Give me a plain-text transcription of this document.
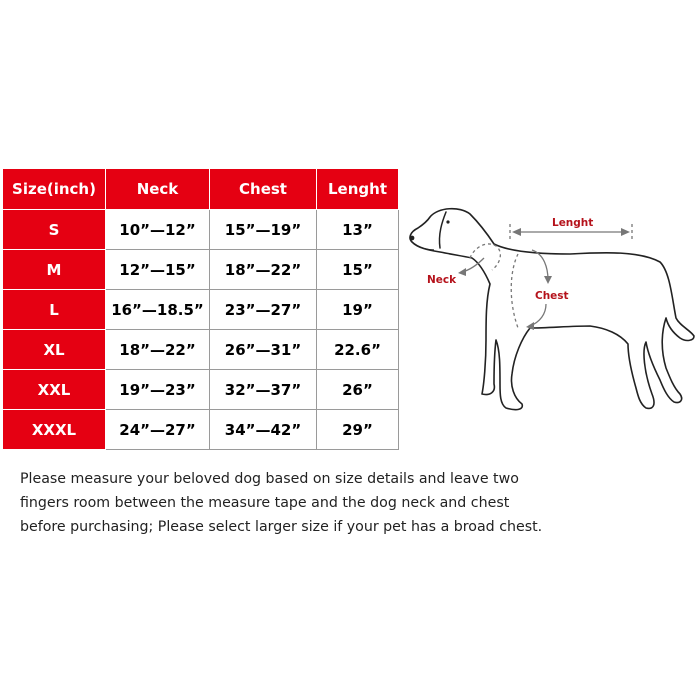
Size(inch)	Neck	Chest	Lenght
S	10”—12”	15”—19”	13”
M	12”—15”	18”—22”	15”
L	16”—18.5”	23”—27”	19”
XL	18”—22”	26”—31”	22.6”
XXL	19”—23”	32”—37”	26”
XXXL	24”—27”	34”—42”	29”
Lenght
Neck
Chest

Please measure your beloved dog based on size details and leave two
fingers room between the measure tape and the dog neck and chest
before purchasing; Please select larger size if your pet has a broad chest.
